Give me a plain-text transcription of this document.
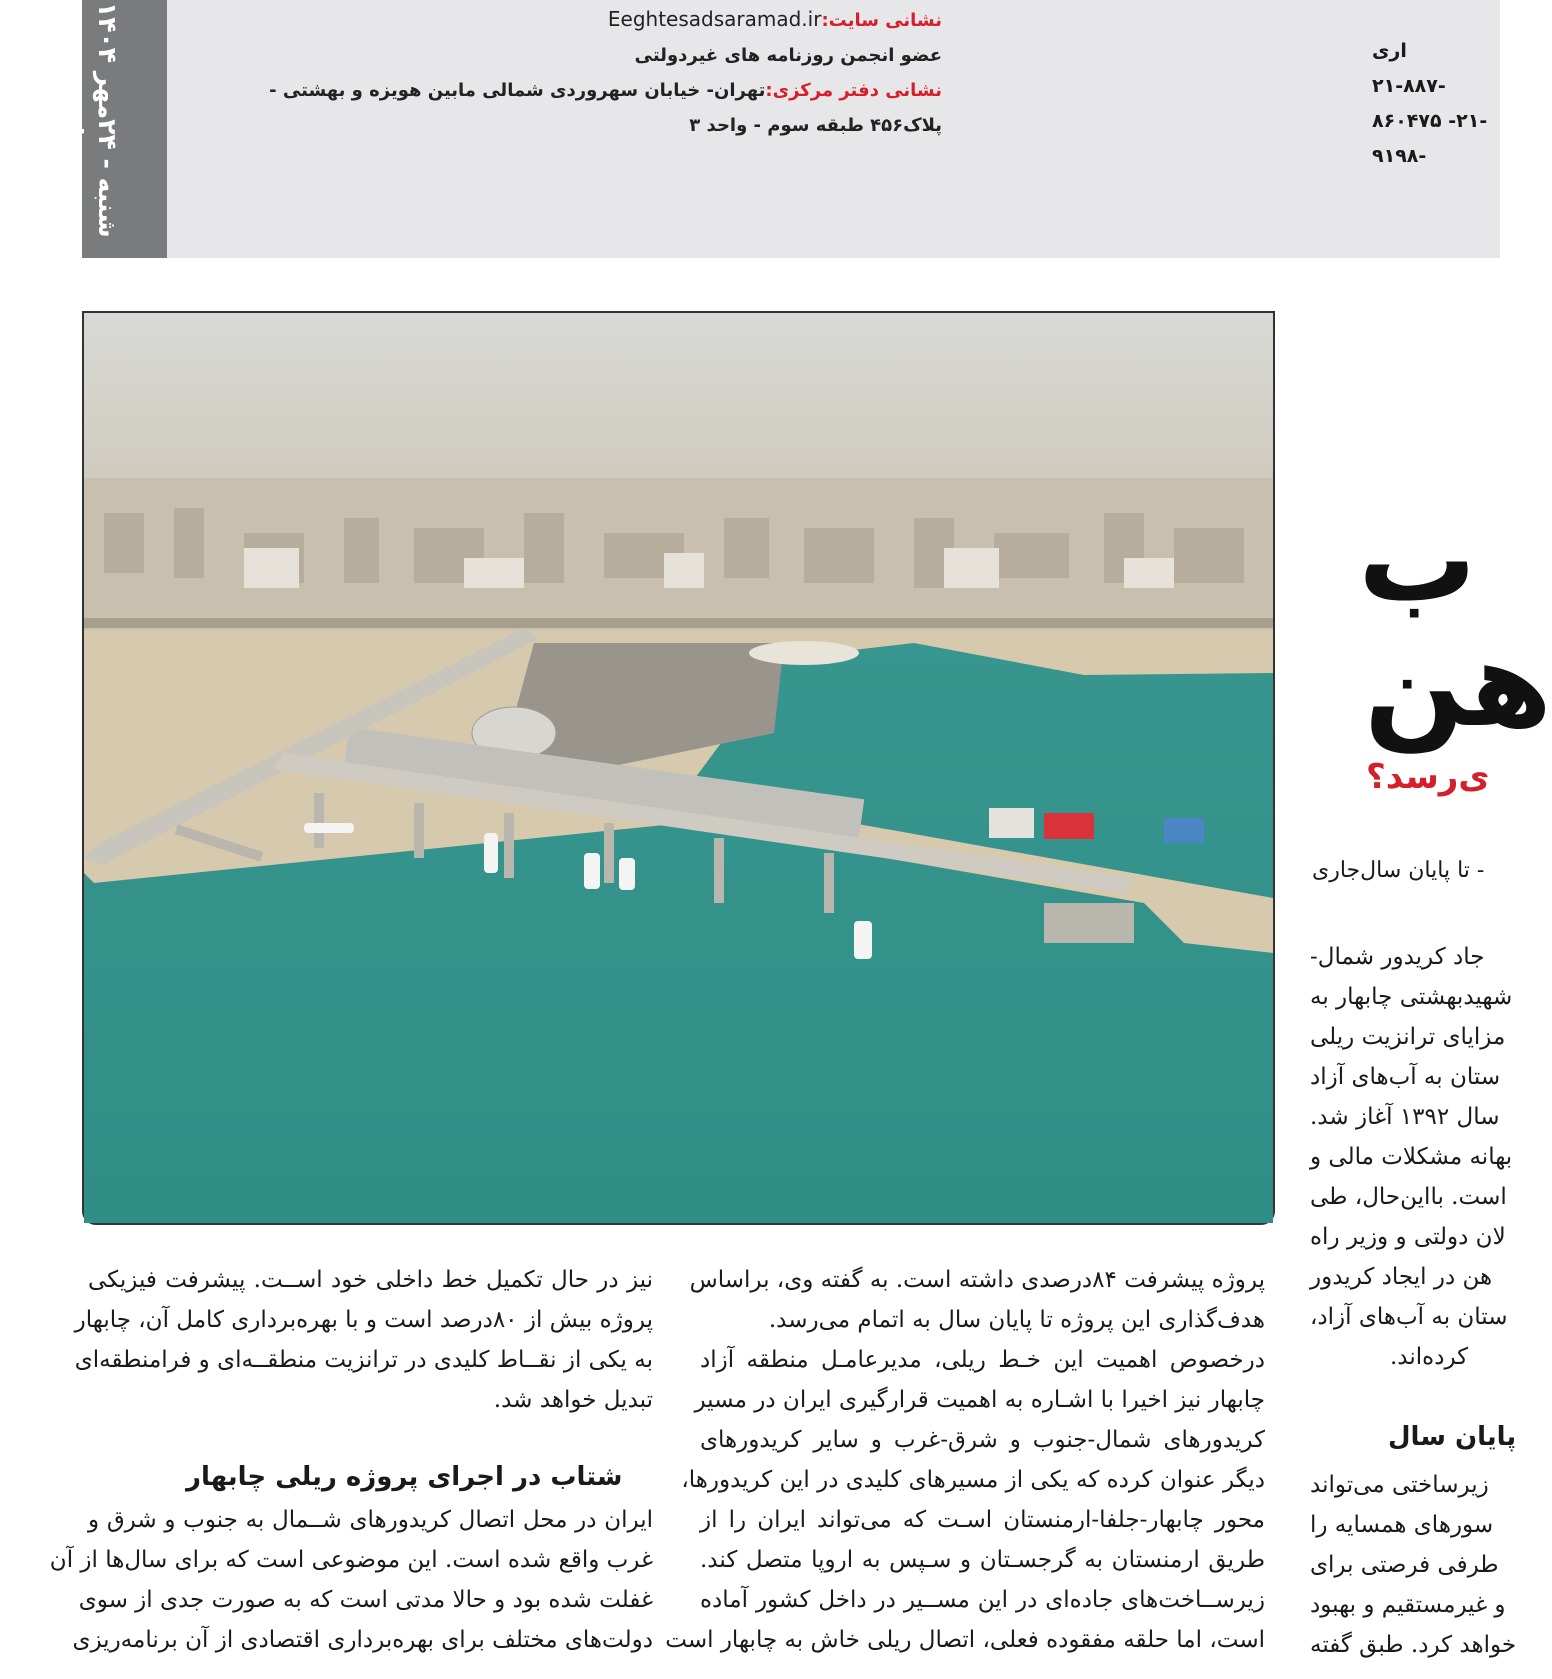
شنبه - ۲۴مهر ۱۴۰۴
دهم-شماره ۳۲۲۵
نشانی سایت:Eeghtesadsaramad.ir
عضو انجمن روزنامه های غیردولتی
نشانی دفتر مرکزی:تهران- خیابان سهروردی شمالی مابین هویزه و بهشتی -
پلاک۴۵۶ طبقه سوم - واحد ۳
اری
-۲۱-۸۸۷
-۲۱- ۸۶۰۴۷۵
-۹۱۹۸
ب
هن
ی‌رسد؟
- تا پایان سال‌جاری
جاد کریدور شمال-
شهیدبهشتی چابهار به
مزایای ترانزیت ریلی
ستان به آب‌های آزاد
سال ۱۳۹۲ آغاز شد.
بهانه مشکلات مالی و
است. بااین‌حال، طی
لان دولتی و وزیر راه
هن در ایجاد کریدور
ستان به آب‌های آزاد،
کرده‌اند.
پایان سال
زیرساختی می‌تواند
سورهای همسایه را
طرفی فرصتی برای
و غیرمستقیم و بهبود
خواهد کرد. طبق گفته
پروژه پیشرفت ۸۴درصدی داشته است. به گفته وی، براساس
هدف‌گذاری این پروژه تا پایان سال به اتمام می‌رسد.
درخصوص اهمیت این خـط ریلی، مدیرعامـل منطقه آزاد
چابهار نیز اخیرا با اشـاره به اهمیت قرارگیری ایران در مسیر
کریدورهای شمال-جنوب و شرق-غرب و سایر کریدورهای
دیگر عنوان کرده که یکی از مسیرهای کلیدی در این کریدورها،
محور چابهار-جلفا-ارمنستان اسـت که می‌تواند ایران را از
طریق ارمنستان به گرجسـتان و سـپس به اروپا متصل کند.
زیرســاخت‌های جاده‌ای در این مســیر در داخل کشور آماده
است، اما حلقه مفقوده فعلی، اتصال ریلی خاش به چابهار است
نیز در حال تکمیل خط داخلی خود اســت. پیشرفت فیزیکی
پروژه بیش از ۸۰درصد است و با بهره‌برداری کامل آن، چابهار
به یکی از نقــاط کلیدی در ترانزیت منطقــه‌ای و فرامنطقه‌ای
تبدیل خواهد شد.
شتاب در اجرای پروژه ریلی چابهار
ایران در محل اتصال کریدورهای شــمال به جنوب و شرق و
غرب واقع شده است. این موضوعی است که برای سال‌ها از آن
غفلت شده بود و حالا مدتی است که به صورت جدی از سوی
دولت‌های مختلف برای بهره‌برداری اقتصادی از آن برنامه‌ریزی
